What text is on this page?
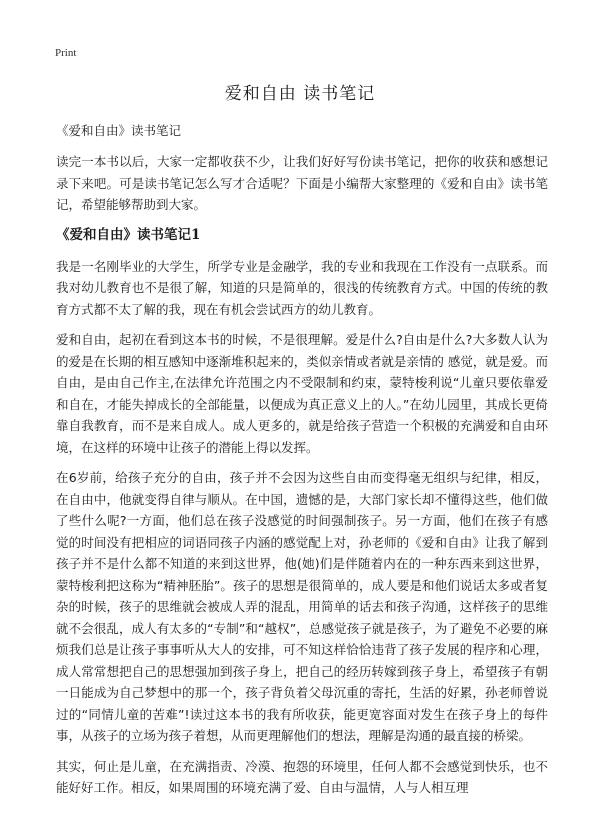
Print
爱和自由 读书笔记
《爱和自由》读书笔记

读完一本书以后，大家一定都收获不少，让我们好好写份读书笔记，把你的收获和感想记录下来吧。可是读书笔记怎么写才合适呢？下面是小编帮大家整理的《爱和自由》读书笔记，希望能够帮助到大家。

《爱和自由》读书笔记1

我是一名刚毕业的大学生，所学专业是金融学，我的专业和我现在工作没有一点联系。而我对幼儿教育也不是很了解，知道的只是简单的，很浅的传统教育方式。中国的传统的教育方式都不太了解的我，现在有机会尝试西方的幼儿教育。

爱和自由，起初在看到这本书的时候，不是很理解。爱是什么?自由是什么?大多数人认为的爱是在长期的相互感知中逐渐堆积起来的，类似亲情或者就是亲情的 感觉，就是爱。而自由，是由自己作主,在法律允许范围之内不受限制和约束，蒙特梭利说“儿童只要依靠爱和自在，才能失掉成长的全部能量，以便成为真正意义上的人。”在幼儿园里，其成长更倚靠自我教育，而不是来自成人。成人更多的，就是给孩子营造一个积极的充满爱和自由环境，在这样的环境中让孩子的潜能上得以发挥。

在6岁前，给孩子充分的自由，孩子并不会因为这些自由而变得毫无组织与纪律，相反，在自由中，他就变得自律与顺从。在中国，遗憾的是，大部门家长却不懂得这些，他们做了些什么呢?一方面，他们总在孩子没感觉的时间强制孩子。另一方面，他们在孩子有感觉的时间没有把相应的词语同孩子内涵的感觉配上对，孙老师的《爱和自由》让我了解到孩子并不是什么都不知道的来到这世界，他(她)们是伴随着内在的一种东西来到这世界，蒙特梭利把这称为“精神胚胎”。孩子的思想是很简单的，成人要是和他们说话太多或者复杂的时候，孩子的思维就会被成人弄的混乱，用简单的话去和孩子沟通，这样孩子的思维就不会很乱，成人有太多的“专制”和“越权”，总感觉孩子就是孩子，为了避免不必要的麻烦我们总是让孩子事事听从大人的安排，可不知这样恰恰违背了孩子发展的程序和心理，成人常常想把自己的思想强加到孩子身上，把自己的经历转嫁到孩子身上，希望孩子有朝一日能成为自己梦想中的那一个，孩子背负着父母沉重的寄托，生活的好累，孙老师曾说过的“同情儿童的苦难”!读过这本书的我有所收获，能更宽容面对发生在孩子身上的每件事，从孩子的立场为孩子着想，从而更理解他们的想法，理解是沟通的最直接的桥梁。

其实，何止是儿童，在充满指责、冷漠、抱怨的环境里，任何人都不会感觉到快乐，也不能好好工作。相反，如果周围的环境充满了爱、自由与温情，人与人相互理
